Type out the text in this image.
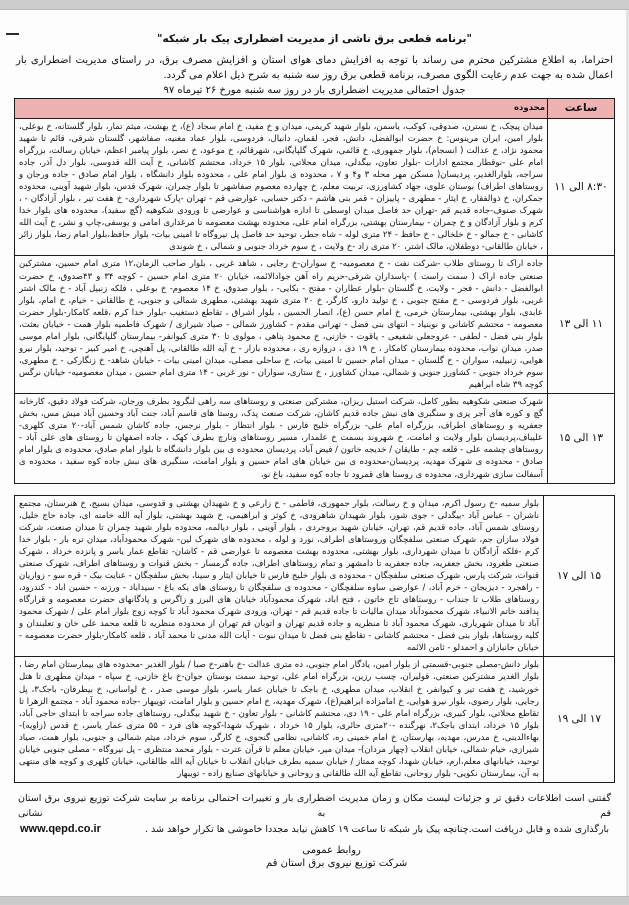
"برنامه قطعی برق ناشی از مدیریت اضطراری پیک بار شبکه"

احتراما، به اطلاع مشترکین محترم می رساند با توجه به افزایش دمای هوای استان و افزایش مصرف برق، در راستای مدیریت اضطراری بار اعمال شده به جهت عدم رعایت الگوی مصرف، برنامه قطعی برق روز سه شنبه به شرح ذیل اعلام می گردد.

جدول احتمالی مدیریت اضطراری بار در روز سه شنبه مورخ ۲۶ تیرماه ۹۷
ساعت	محدوده
۸:۳۰ الی ۱۱	میدان پیچک، خ نسترن، صدوقی، کوکب، یاسمن، بلوار شهید کریمی، میدان و خ مفید، خ امام سجاد (ع)، خ بهشت، میثم تمار، بلوار گلستانه، خ بوعلی، بلوار امین، ایران مرینوس: خ حضرت ابوالفضل، دانش، فجر، لقمان، دانیال، فردوسی، بلوار عماد مغنیه، صفاشهر، گلستان شرقی، قائم تا شهید محمود نژاد، خ عدالت ( انسجام)، بلوار جمهوری، خ قائمی، شهرک گلپایگانی، شهرقائم، خ موعود، خ نصر، بلوار پیامبر اعظم، خیابان رسالت، بزرگراه امام علی -نوقطار مجتمع ادارات -بلوار تعاون، بیگدلی، میدان محلاتی، بلوار ۱۵ خرداد، محتشم کاشانی، خ آیت الله قدوسی، بلوار دل آذر، جاده سراجه، بلوارالغدیر، پردیسان( مسکن مهر محله ۳ و۴ و ۷ ، محدوده ی بلوار امام علی ، محدوده بلوار دانشگاه ، بلوار امام صادق - جاده ورجان و روستاهای اطراف) بوستان علوی، جهاد کشاورزی، تربیت معلم، خ چهارده معصوم صفاشهر تا بلوار چمران، شهرک قدس، بلوار شهید آوینی، محدوده جمکران، خ ذوالفقار، خ ایثار - مطهری - پاییزان - قمر بنی هاشم - دکتر حسابی، عوارضی قم - تهران -پارک شهرداری- خ هفت تیر ، بلوار آزادگان - ، شهرک صنوف-جاده قدیم قم -تهران حد فاصل میدان اوسطی تا اداره هواشناسی و عوارضی تا ورودی شکوهیه (گچ سفید)، محدوده های بلوار خدا کرم و بلوار آزادگان و خ چمران - بیمارستان بهشتی، بزرگراه امام علی، محدوده بهشت معصومه تا مرغداری امامی و یوسفی،چاپ و نشر، خ آیت الله کاشانی - خ جمالو - خ خلخالی - خ حافظ - ۲۴ متری لوله - شاه جطر، توحید حد فاصل پل نیروگاه تا امینی بیات- بلوار حافظ،بلوار امام رضا، بلوار زائر ، خیابان طالقانی- دوطفلان، مالک اشتر، ۲۰ متری زاد -خ ولایت ، خ سوم خرداد جنوبی و شمالی ، خ شوندی
۱۱ الی ۱۳	جاده اراک تا روستای طلاب -شرکت نفت - خ معصومیه- خ سواران-خ رجایی ، شاهد غربی ، بلوار صاحب الزمان،۱۲ متری امام حسین، مشترکین صنعتی جاده اراک ( سمت راست ) -پاسداران شرقی-حریم راه آهن جوادالائمه، خیابان ۲۰ متری امام حسین - کوچه ۳۴ و ۴۳صدوق، خ حضرت ابوالفضل - دانش - فجر - ولایت، خ گلستان -بلوار عطاران - مفتح - بکایی- ، بلوار صدوق، خ ۱۴ معصوم- خ بوعلی ، فلکه زنبیل آباد - خ مالک اشتر غربی، بلوار فردوسی - خ مفتح جنوبی ، خ تولید دارو، کارگر، خ ۲۰ متری شهید بهشتی، مطهری شمالی و جنوبی، خ طالقانی - خیام، خ امام، بلوار عابدی، بلوار بهشتی، بیمارستان خرمی، خ امام حسن (ع)، انصار الحسین ، بلوار اشراق ، تقاطع دستغیب -بلوار خدا کرم ،قلعه کامکار-بلوار حضرت معصومه - محتشم کاشانی و نوبنیاد - انتهای بنی فضل - تهرانی مقدم - کشاورز شمالی - صیاد شیرازی / شهرک فاطمیه بلوار همت - خیابان بعثت، بلوار بنی فضل - لطفی - عروجعلی شفیعی - یاقوت - خازنی، خ محمود پناهی ، مولوی تا ۳۰ متری کیوانفر- بیمارستان گلپایگانی، بلوار امام موسی صدر، میدان نواب، محدوده بیمارستان کامکار ، خ ۱۹ دی ، دروازه ری ، محدوده بازار - خ آیه الله طالقانی، پل آهنچی، خ امیر کبیر - توحید، بلوار نیرو هوایی، زنبیلیه، سواران - خ گلستان - میدان امام حسین تا امینی بیات، خ ساحلی مصلی، میدان امینی بیات - خیابان شاهد- خ زنگارکی - خ مطهری، سوم خرداد جنوبی - کشاورز جنوبی و شمالی، میدان کشاورز ، خ ستاری، سواران - نور غربی - ۱۴ متری امام حسین ، میدان معصومیه- خیابان نرگس کوچه ۳۹ شاه ابراهیم
۱۳ الی ۱۵	شهرک صنعتی شکوهیه بطور کامل، شرکت استیل ریزان، مشترکین صنعتی و روستاهای سه راهی لنگرود بطرف ورجان، شرکت فولاد دقیق، کارخانه گچ و کوره های آجر پزی و سنگبری های نبش جاده قدیم کاشان، شرکت صنعت پدک، روستا های قاسم آباد، جنت آباد وحسین آباد میش مس، بخش جعفریه و روستاهای اطراف، بزرگراه امام علی- بزرگراه خلیج فارس - بلوار انتظار - بلوار نرجس، جاده کاشان شمس آباد-۲۰ متری کلهری- علیباف،پردیسان بلوار ولایت و امامت، خ شهروند بسمت خ علمدار، مسیر روستاهای ونارچ بطرف کهک ، جاده اصفهان تا روستای های علی آباد - روستاهای چشمه علی - قلعه چم - طایقان / خدیجه خاتون / فیض آباد، پردیسان محدوده ی بین بلوار دانشگاه تا بلوار امام صادق، محدوده ی بلوار امام صادق - محدوده ی شهرک مهدیه، پردیسان-محدوده ی بین خیابان های امام حسین و بلوار امامت، سنگبری های نبش جاده کوه سفید ، محدوده ی آسفالت سازی شهرداری، محدوده ی روستا های قمرود تا جاده کوه سفید، باغ نو،
۱۵ الی ۱۷	بلوار سمیه -خ رسول اکرم، میدان و خ رسالت، بلوار جمهوری، فاطمی - خ زارعی و خ شهیدان بهشتی و قدوسی، میدان بسیج، خ هنرستان، مجتمع ناشران - عباس آباد -بیگدلی - جوی شور، بلوار شهیدان شاهرودی، خ کوثر و ابراهیمی، خ شهید بهشتی، بلوار آیه الله خامنه ای، جاده حاج خلیل، روستای شمس آباد، جاده قدیم قم، تهران، خیابان شهید بروجردی ، بلوار آوینی ، بلوار دیالمه، محدوده بلوار شهید چمران تا میدان صنعت، شرکت فولاد سازان جم، شهرک صنعتی سلفچگان وروستاهای اطراف، نورد و لوله ، محدوده های شهرک لین- شهرک محمودآباد، میدان تره بار - بلوار خدا کرم -فلکه آزادگان تا میدان شهرداری، بلوار بهشتی، محدوده بهشت معصومه تا عوارضی قم - کاشان- تقاطع عمار یاسر و پانزده خرداد ، شهرک صنعتی طغرود، بخش جعفریه، جاده جعفریه تا دامشهر و تمام روستاهای اطراف، جاده گرمسار - بخش قنوات و روستاهای اطراف، شهرک صنعتی قنوات، شرکت پارس، شهرک صنعتی سلفچگان - محدوده ی بلوار خلیج فارس تا خیابان ایثار و سینا، بخش سلفچگان - عنایت بیک - قره سو - زواریان - راهجرد - دیزیجان - خرم آباد، / عوارضی ساوه سلفچگان - محدوده ی سلفچگان تا روستای های یکه باغ - سیداباد - ورزنه - حسین اباد - کندرود، روستاهای طلاب تا جنداب - روستاهای تاج خاتون ، فتح اباد، شهرک محمودآباد خیابان های البرز و زاگرس و پادگانهای حضرت معصومه و قرارگاه پدافند خاتم الانبیاء، شهرک محمودآباد میدان مالیات تا جاده قدیم قم - تهران، ورودی شهرک محمود آباد تا کوچه زوج بلوار امام علی / شهرک محمود آباد تا میدان شهریاری، شهرک محمود آباد تا منظریه و جاده قدیم تهران و اتوبان قم تهران از محدوده منظریه تا قلعه محمد علی خان و تعلبندان و کلیه روستاها، بلوار بنی فضل - محتشم کاشانی - تقاطع بنی فضل تا میدان نبوت - آیات الله مدنی تا محمد آباد ، قلعه کامکار-بلوار حضرت معصومه - خیابان جانبازان و احمدلو - ثامن الائمه
۱۷ الی ۱۹	بلوار دانش-مصلی جنوبی-قسمتی از بلوار امین، یادگار امام جنوبی، ده متری عدالت -خ باهنر-خ صبا / بلوار الغدیر -محدوده های بیمارستان امام رضا ، بلوار الغدیر مشترکین صنعتی، قولیران، چسب رزین، بزرگراه امام علی، توحید سمت بوستان جوان-خ باغ خازنی، خ سپاه - میدان مطهری تا هتل خورشید، خ هفت تیر و کیوانفر، خ انقلاب، میدان مطهری، خ باجک تا خیابان عمار یاسر، بلوار موسی صدر ، خ لواسانی، خ بیطرفان- باجک۳، پل رجایی، بلوار رضوی، بلوار نیرو هوایی، خ امامزاده ابراهیم(ع)، شهرک مهدیه، خ امام حسین و بلوار امامت، تویبهار -جاده محمود آباد - مجتمع الزهرا تا تقاطع محلاتی، بلوار کبیری، بزرگراه امام علی - ۱۹ دی، محتشم کاشانی - بلوار تعاون - خ شهید بیگدلی، روستاهای جاده سراجه تا ابتدای حاجی آباد، بلوار ۱۵ خرداد، ابتدای باجک۲، نهرگنده -۲۰متری حائری، بلوار ۱۵ خرداد ، شهرک شهدا-کوچه های فرد - ۵۵ متری عمار یاسر، خ قدس (زاویه)- بهاءالدینی، خ مدرس، مهدیه، بهارستان، خ امام خمینی ره، کاشانی، نظامی گنجوی، خ کارگر، سوم خرداد، میثم شمالی و جنوبی، بلوار همت، صیاد شیرازی، خیام شمالی، خیابان انقلاب (چهار مردان)- میدان میر، خیابان معلم تا قرآن عترت - بلوار محمد منتظری - پل نیروگاه - مصلی جنوبی خیابان توحید، خیابانهای معلم،ارم، خیابان شهدا، کوچه ممتاز / خیابان سمیه بطرف خیابان انقلاب تا خیابان آیه الله طالقانی، خیابان کلهری و کوچه های منتهی به آن، بیمارستان نکویی- بلوار روحانی، تقاطع آیه الله طالقانی و روحانی و خیابانهای صنایع زاده - تویبهار
گفتنی است اطلاعات دقیق تر و جزئیات لیست مکان و زمان مدیریت اضطراری بار و تغییرات احتمالی برنامه بر سایت شرکت توزیع نیروی برق استان قم به نشانی
بارگذاری شده و قابل دریافت است.چنانچه پیک بار شبکه تا ساعت ۱۹ کاهش نیابد مجددا خاموشی ها تکرار خواهد شد .
www.qepd.co.ir
روابط عمومی
شرکت توزیع نیروی برق استان قم
